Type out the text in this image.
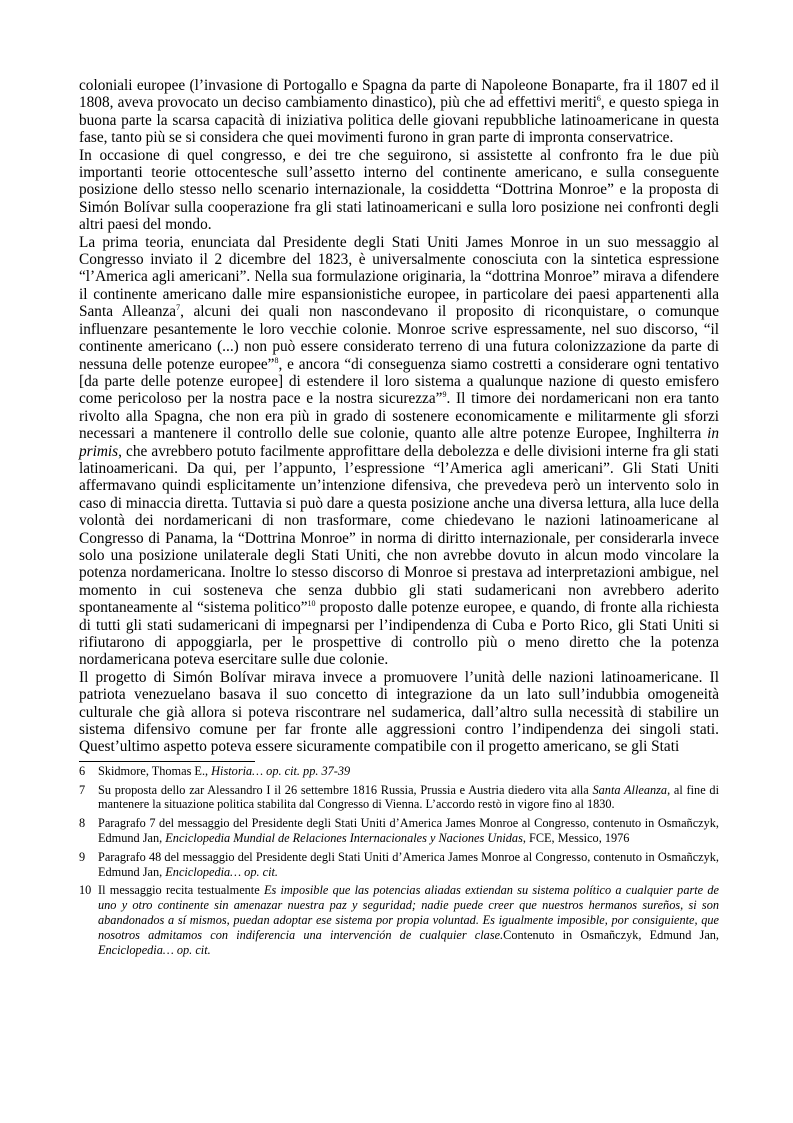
coloniali europee (l’invasione di Portogallo e Spagna da parte di Napoleone Bonaparte, fra il 1807 ed il 1808, aveva provocato un deciso cambiamento dinastico), più che ad effettivi meriti$^6$, e questo spiega in buona parte la scarsa capacità di iniziativa politica delle giovani repubbliche latinoamericane in questa fase, tanto più se si considera che quei movimenti furono in gran parte di impronta conservatrice.

In occasione di quel congresso, e dei tre che seguirono, si assistette al confronto fra le due più importanti teorie ottocentesche sull’assetto interno del continente americano, e sulla conseguente posizione dello stesso nello scenario internazionale, la cosiddetta “Dottrina Monroe” e la proposta di Simón Bolívar sulla cooperazione fra gli stati latinoamericani e sulla loro posizione nei confronti degli altri paesi del mondo.

La prima teoria, enunciata dal Presidente degli Stati Uniti James Monroe in un suo messaggio al Congresso inviato il 2 dicembre del 1823, è universalmente conosciuta con la sintetica espressione “l’America agli americani”. Nella sua formulazione originaria, la “dottrina Monroe” mirava a difendere il continente americano dalle mire espansionistiche europee, in particolare dei paesi appartenenti alla Santa Alleanza$^7$, alcuni dei quali non nascondevano il proposito di riconquistare, o comunque influenzare pesantemente le loro vecchie colonie. Monroe scrive espressamente, nel suo discorso, “il continente americano (...) non può essere considerato terreno di una futura colonizzazione da parte di nessuna delle potenze europee”$^8$, e ancora “di conseguenza siamo costretti a considerare ogni tentativo [da parte delle potenze europee] di estendere il loro sistema a qualunque nazione di questo emisfero come pericoloso per la nostra pace e la nostra sicurezza”$^9$. Il timore dei nordamericani non era tanto rivolto alla Spagna, che non era più in grado di sostenere economicamente e militarmente gli sforzi necessari a mantenere il controllo delle sue colonie, quanto alle altre potenze Europee, Inghilterra in primis, che avrebbero potuto facilmente approfittare della debolezza e delle divisioni interne fra gli stati latinoamericani. Da qui, per l’appunto, l’espressione “l’America agli americani”. Gli Stati Uniti affermavano quindi esplicitamente un’intenzione difensiva, che prevedeva però un intervento solo in caso di minaccia diretta. Tuttavia si può dare a questa posizione anche una diversa lettura, alla luce della volontà dei nordamericani di non trasformare, come chiedevano le nazioni latinoamericane al Congresso di Panama, la “Dottrina Monroe” in norma di diritto internazionale, per considerarla invece solo una posizione unilaterale degli Stati Uniti, che non avrebbe dovuto in alcun modo vincolare la potenza nordamericana. Inoltre lo stesso discorso di Monroe si prestava ad interpretazioni ambigue, nel momento in cui sosteneva che senza dubbio gli stati sudamericani non avrebbero aderito spontaneamente al “sistema politico”$^{10}$ proposto dalle potenze europee, e quando, di fronte alla richiesta di tutti gli stati sudamericani di impegnarsi per l’indipendenza di Cuba e Porto Rico, gli Stati Uniti si rifiutarono di appoggiarla, per le prospettive di controllo più o meno diretto che la potenza nordamericana poteva esercitare sulle due colonie.

Il progetto di Simón Bolívar mirava invece a promuovere l’unità delle nazioni latinoamericane. Il patriota venezuelano basava il suo concetto di integrazione da un lato sull’indubbia omogeneità culturale che già allora si poteva riscontrare nel sudamerica, dall’altro sulla necessità di stabilire un sistema difensivo comune per far fronte alle aggressioni contro l’indipendenza dei singoli stati. Quest’ultimo aspetto poteva essere sicuramente compatibile con il progetto americano, se gli Stati

6	Skidmore, Thomas E., Historia… op. cit. pp. 37-39
7	Su proposta dello zar Alessandro I il 26 settembre 1816 Russia, Prussia e Austria diedero vita alla Santa Alleanza, al fine di mantenere la situazione politica stabilita dal Congresso di Vienna. L’accordo restò in vigore fino al 1830.
8	Paragrafo 7 del messaggio del Presidente degli Stati Uniti d’America James Monroe al Congresso, contenuto in Osmañczyk, Edmund Jan, Enciclopedia Mundial de Relaciones Internacionales y Naciones Unidas, FCE, Messico, 1976
9	Paragrafo 48 del messaggio del Presidente degli Stati Uniti d’America James Monroe al Congresso, contenuto in Osmañczyk, Edmund Jan, Enciclopedia… op. cit.
10 Il messaggio recita testualmente Es imposible que las potencias aliadas extiendan su sistema político a cualquier parte de uno y otro continente sin amenazar nuestra paz y seguridad; nadie puede creer que nuestros hermanos sureños, si son abandonados a sí mismos, puedan adoptar ese sistema por propia voluntad. Es igualmente imposible, por consiguiente, que nosotros admitamos con indiferencia una intervención de cualquier clase.Contenuto in Osmañczyk, Edmund Jan, Enciclopedia… op. cit.
